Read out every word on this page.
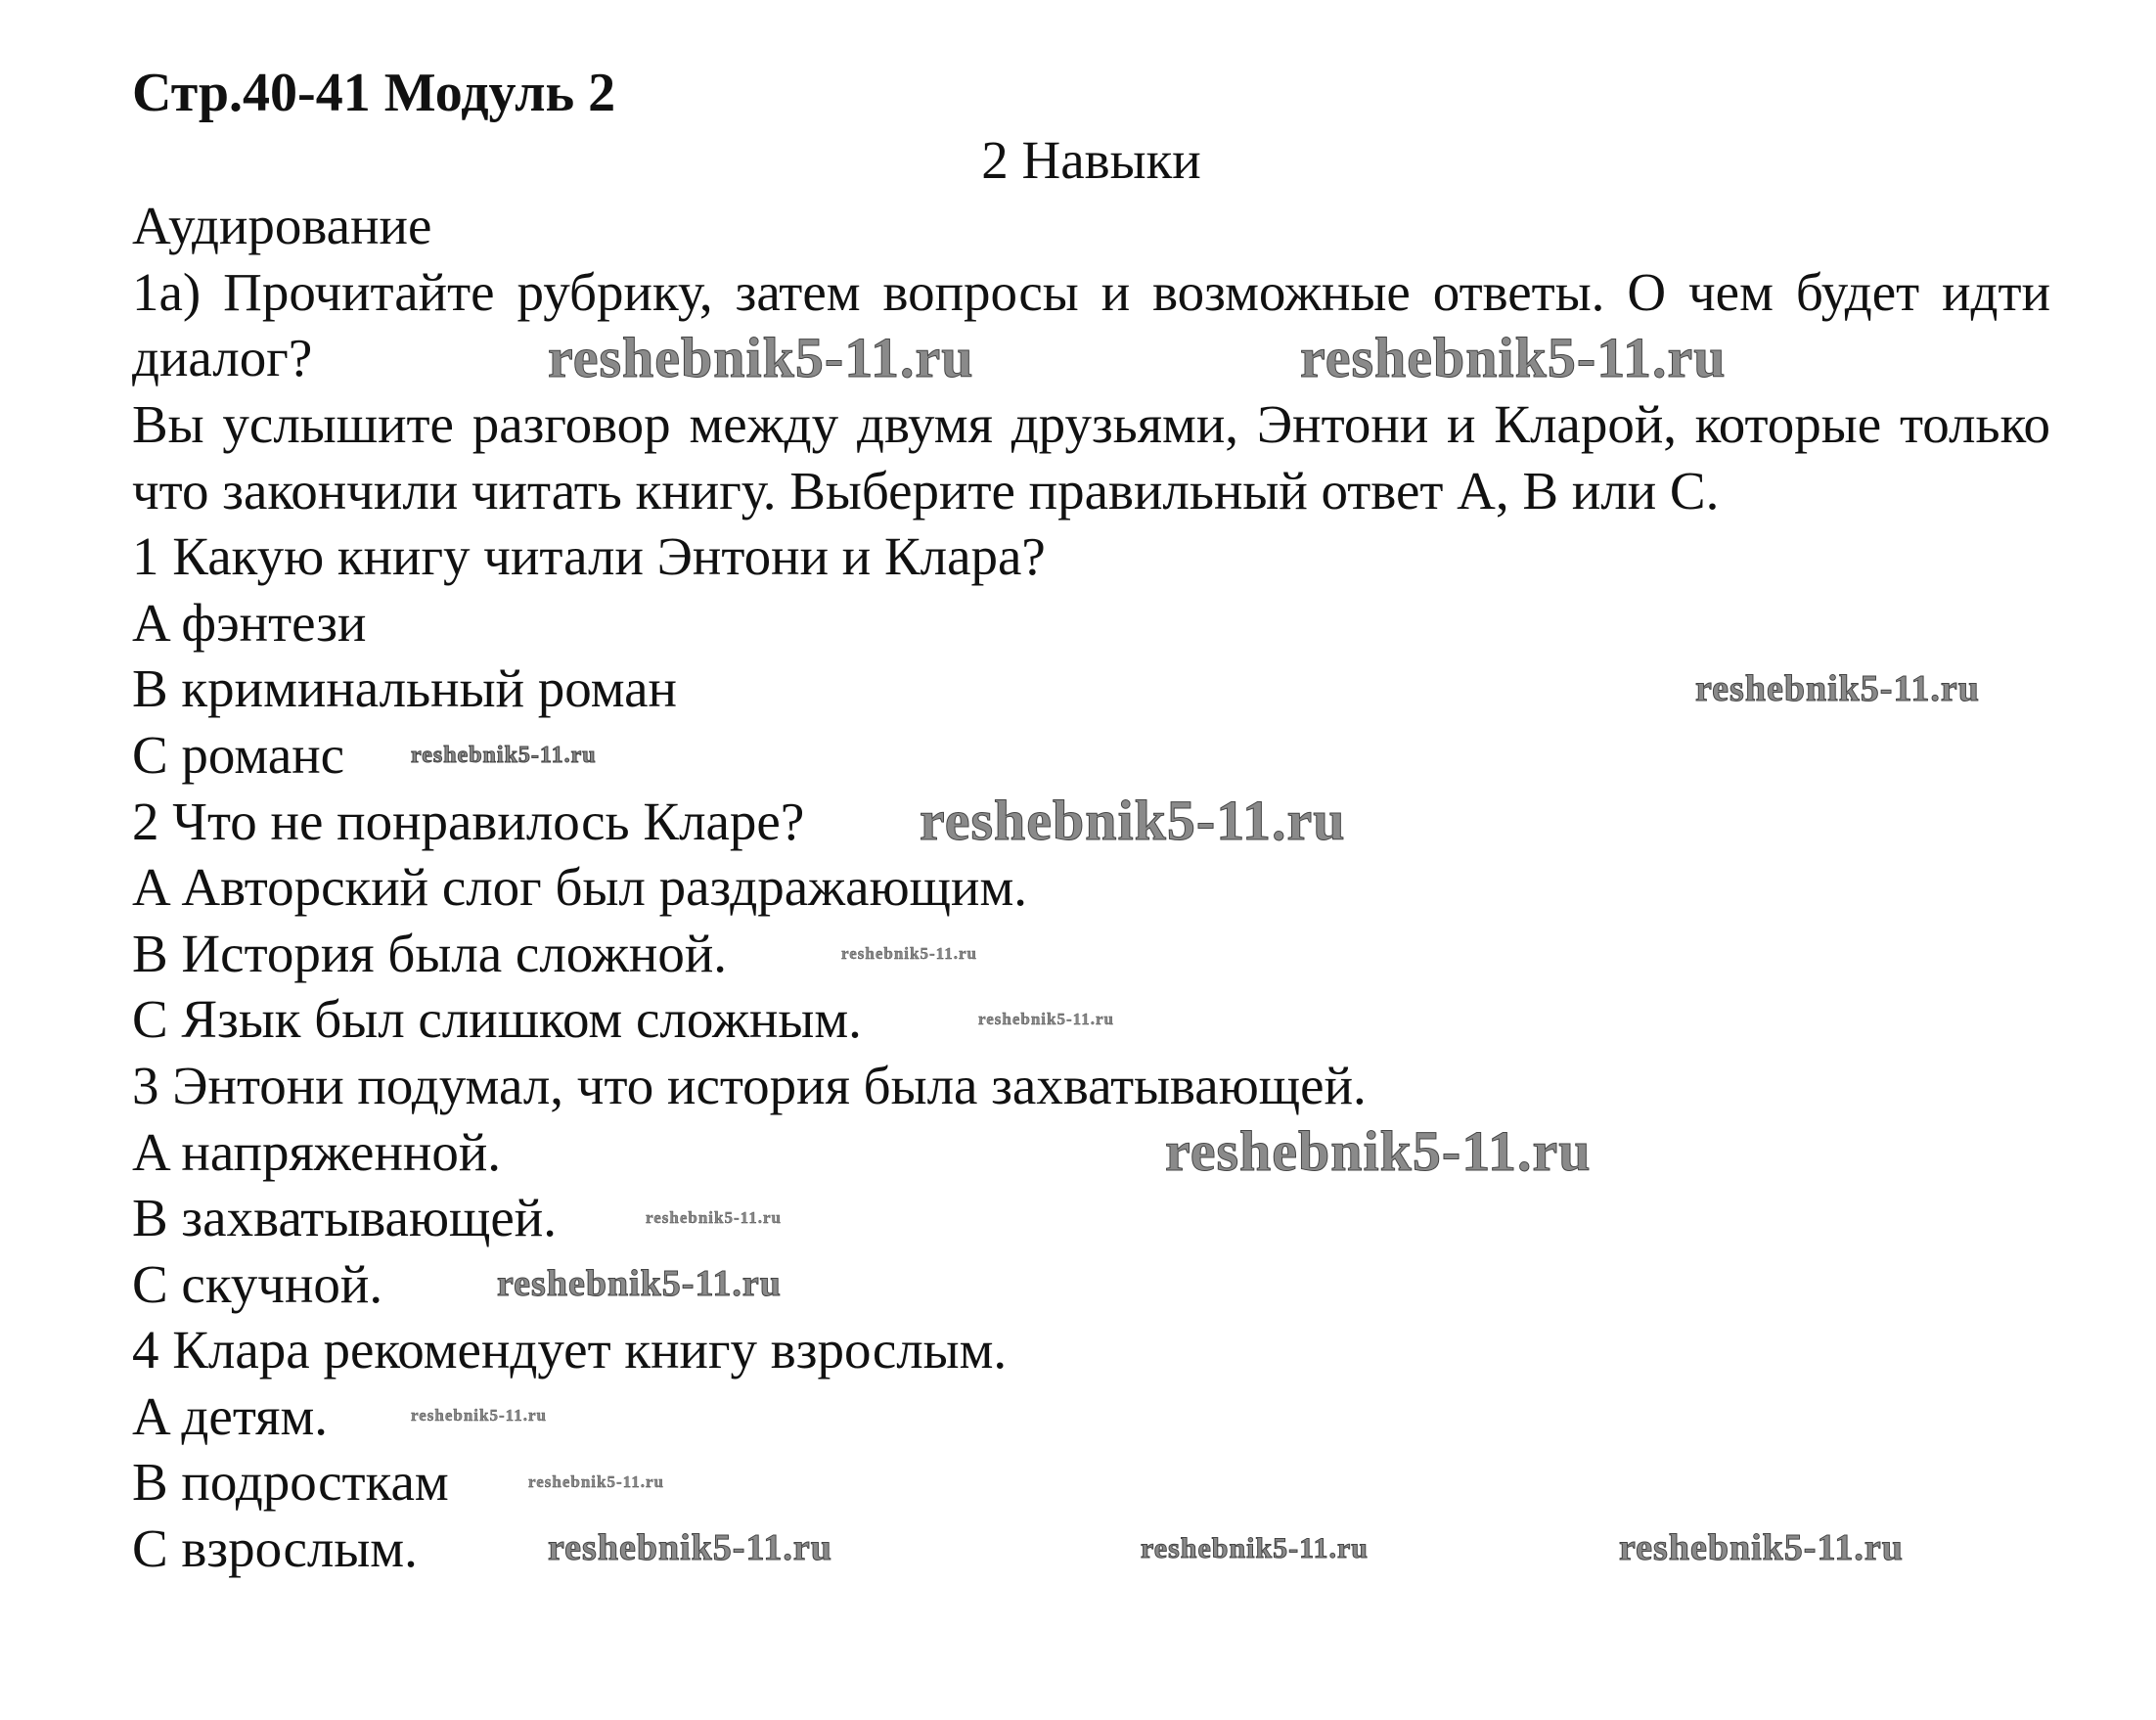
Стр.40-41 Модуль 2
2 Навыки
Аудирование
1a) Прочитайте рубрику, затем вопросы и возможные ответы. О чем будет идти диалог?
Вы услышите разговор между двумя друзьями, Энтони и Кларой, которые только что закончили читать книгу. Выберите правильный ответ A, B или C.
1 Какую книгу читали Энтони и Клара?
A фэнтези
B криминальный роман
C романс
2 Что не понравилось Кларе?
A Авторский слог был раздражающим.
B История была сложной.
C Язык был слишком сложным.
3 Энтони подумал, что история была захватывающей.
A напряженной.
B захватывающей.
C скучной.
4 Клара рекомендует книгу взрослым.
A детям.
B подросткам
C взрослым.
reshebnik5-11.ru	reshebnik5-11.ru
reshebnik5-11.ru
reshebnik5-11.ru
reshebnik5-11.ru
reshebnik5-11.ru
reshebnik5-11.ru
reshebnik5-11.ru
reshebnik5-11.ru
reshebnik5-11.ru
reshebnik5-11.ru
reshebnik5-11.ru
reshebnik5-11.ru	reshebnik5-11.ru	reshebnik5-11.ru
